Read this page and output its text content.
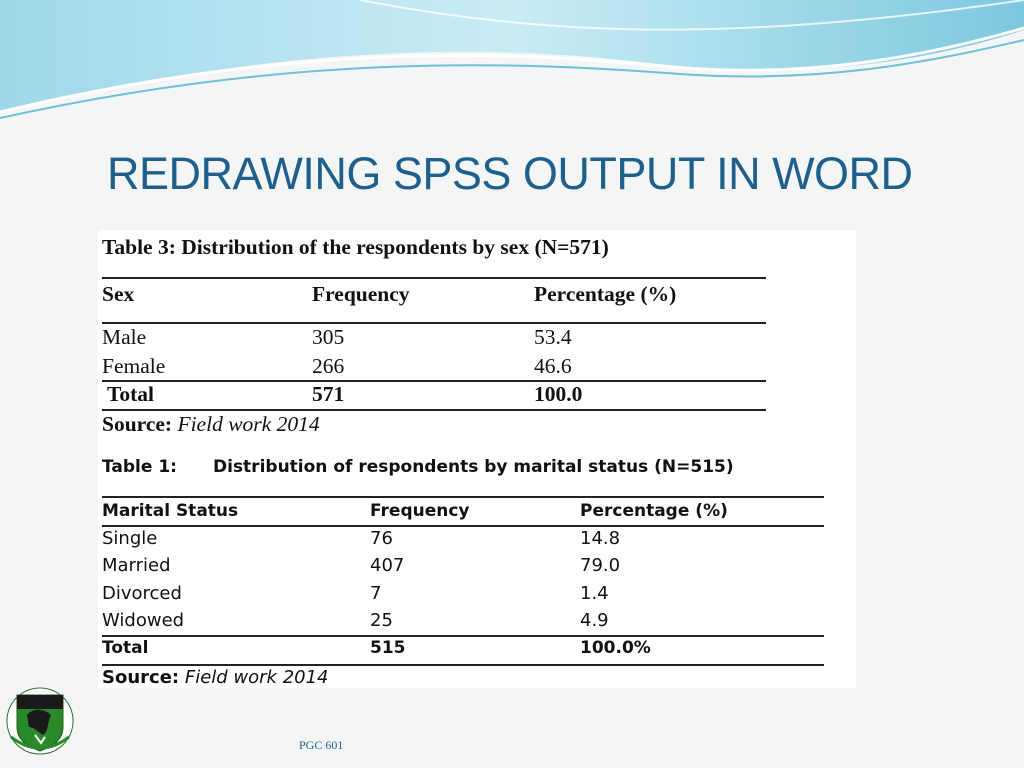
REDRAWING SPSS OUTPUT IN WORD
Table 3: Distribution of the respondents by sex (N=571)
Sex	Frequency	Percentage (%)
Male	305	53.4
Female	266	46.6
Total	571	100.0
Source: Field work 2014
Table 1: Distribution of respondents by marital status (N=515)
Marital Status	Frequency	Percentage (%)
Single	76	14.8
Married	407	79.0
Divorced	7	1.4
Widowed	25	4.9
Total	515	100.0%
Source: Field work 2014
PGC 601
